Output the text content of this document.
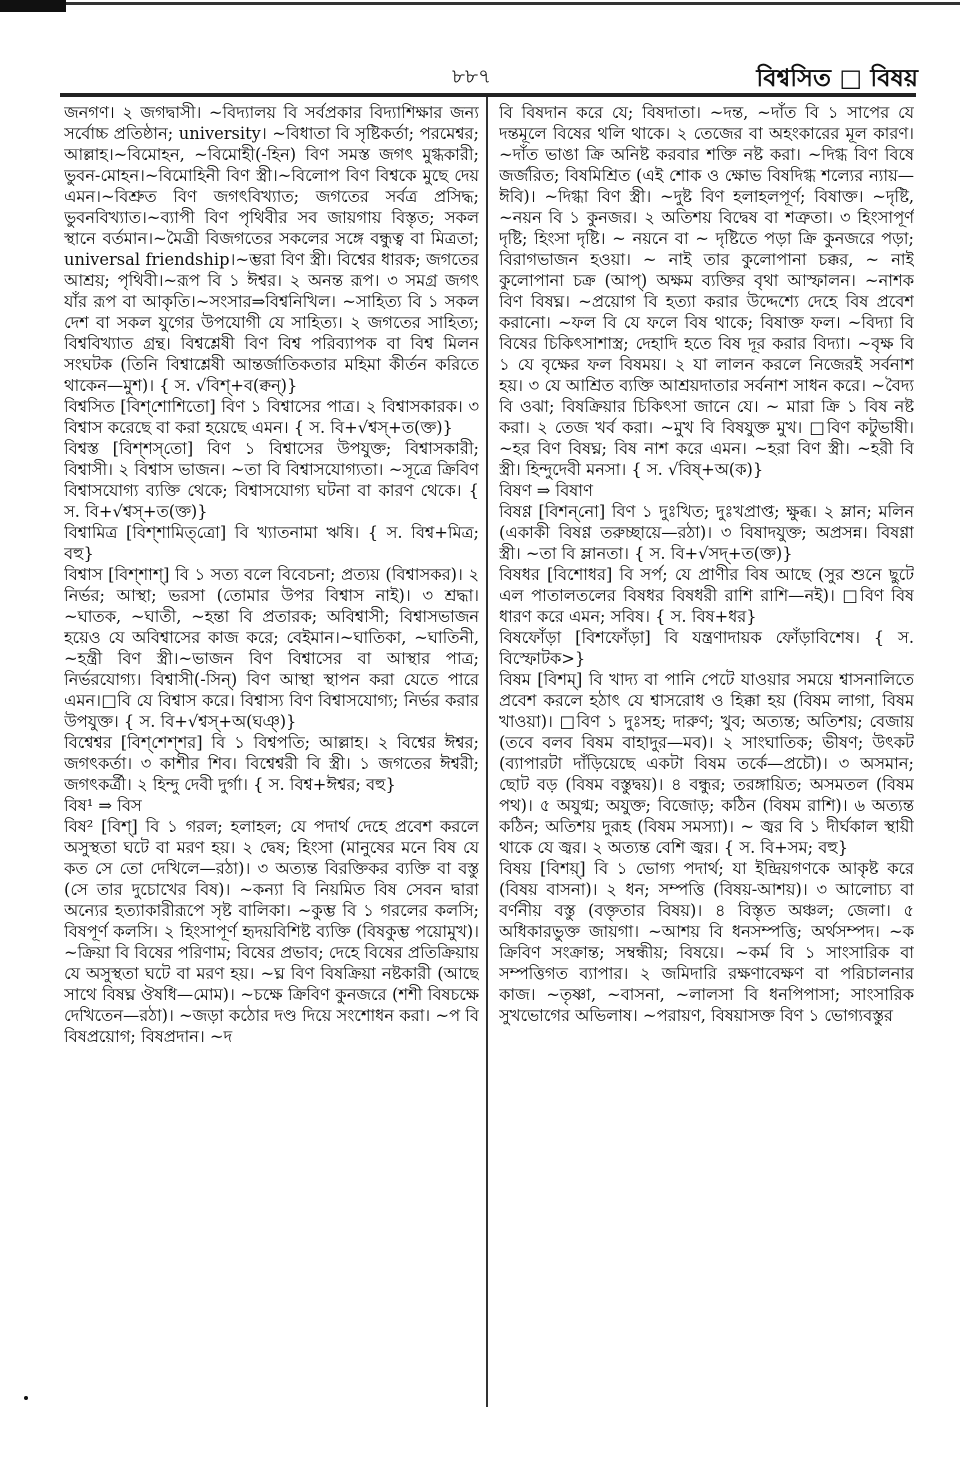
৮৮৭	বিশ্বসিত □ বিষয়

জনগণ। ২ জগদ্বাসী। ~বিদ্যালয় বি সর্বপ্রকার বিদ্যাশিক্ষার জন্য সর্বোচ্চ প্রতিষ্ঠান; university। ~বিধাতা বি সৃষ্টিকর্তা; পরমেশ্বর; আল্লাহ।~বিমোহন, ~বিমোহী(-হিন) বিণ সমস্ত জগৎ মুগ্ধকারী; ভুবন-মোহন।~বিমোহিনী বিণ স্ত্রী।~বিলোপ বিণ বিশ্বকে মুছে দেয় এমন।~বিশ্রুত বিণ জগৎবিখ্যাত; জগতের সর্বত্র প্রসিদ্ধ; ভুবনবিখ্যাত।~ব্যাপী বিণ পৃথিবীর সব জায়গায় বিস্তৃত; সকল স্থানে বর্তমান।~মৈত্রী বিজগতের সকলের সঙ্গে বন্ধুত্ব বা মিত্রতা; universal friendship।~ম্ভরা বিণ স্ত্রী। বিশ্বের ধারক; জগতের আশ্রয়; পৃথিবী।~রূপ বি ১ ঈশ্বর। ২ অনন্ত রূপ। ৩ সমগ্র জগৎ যাঁর রূপ বা আকৃতি।~সংসার⇒বিশ্বনিখিল। ~সাহিত্য বি ১ সকল দেশ বা সকল যুগের উপযোগী যে সাহিত্য। ২ জগতের সাহিত্য; বিশ্ববিখ্যাত গ্রন্থ। বিশ্বশ্লেষী বিণ বিশ্ব পরিব্যাপক বা বিশ্ব মিলন সংঘটক (তিনি বিশ্বাশ্লেষী আন্তর্জাতিকতার মহিমা কীর্তন করিতে থাকেন—মুশ)। { স. √বিশ্‌+ব(ক্বন্‌)}

বিশ্বসিত [বিশ্‌শোশিতো] বিণ ১ বিশ্বাসের পাত্র। ২ বিশ্বাসকারক। ৩ বিশ্বাস করেছে বা করা হয়েছে এমন। { স. বি+√শ্বস্‌+ত(ক্ত)}

বিশ্বস্ত [বিশ্‌শস্‌তো] বিণ ১ বিশ্বাসের উপযুক্ত; বিশ্বাসকারী; বিশ্বাসী। ২ বিশ্বাস ভাজন। ~তা বি বিশ্বাসযোগ্যতা। ~সূত্রে ক্রিবিণ বিশ্বাসযোগ্য ব্যক্তি থেকে; বিশ্বাসযোগ্য ঘটনা বা কারণ থেকে। { স. বি+√শ্বস্‌+ত(ক্ত)}

বিশ্বামিত্র [বিশ্‌শামিত্‌ত্রো] বি খ্যাতনামা ঋষি। { স. বিশ্ব+মিত্র; বহু}

বিশ্বাস [বিশ্‌শাশ্‌] বি ১ সত্য বলে বিবেচনা; প্রত্যয় (বিশ্বাসকর)। ২ নির্ভর; আস্থা; ভরসা (তোমার উপর বিশ্বাস নাই)। ৩ শ্রদ্ধা। ~ঘাতক, ~ঘাতী, ~হন্তা বি প্রতারক; অবিশ্বাসী; বিশ্বাসভাজন হয়েও যে অবিশ্বাসের কাজ করে; বেইমান।~ঘাতিকা, ~ঘাতিনী, ~হন্ত্রী বিণ স্ত্রী।~ভাজন বিণ বিশ্বাসের বা আস্থার পাত্র; নির্ভরযোগ্য। বিশ্বাসী(-সিন্‌) বিণ আস্থা স্থাপন করা যেতে পারে এমন।□বি যে বিশ্বাস করে। বিশ্বাস্য বিণ বিশ্বাসযোগ্য; নির্ভর করার উপযুক্ত। { স. বি+√শ্বস্‌+অ(ঘঞ্‌)}

বিশ্বেশ্বর [বিশ্‌শেশ্‌শর] বি ১ বিশ্বপতি; আল্লাহ। ২ বিশ্বের ঈশ্বর; জগৎকর্তা। ৩ কাশীর শিব। বিশ্বেশ্বরী বি স্ত্রী। ১ জগতের ঈশ্বরী; জগৎকর্ত্রী। ২ হিন্দু দেবী দুর্গা। { স. বিশ্ব+ঈশ্বর; বহু}

বিষ¹ ⇒ বিস

বিষ² [বিশ্‌] বি ১ গরল; হলাহল; যে পদার্থ দেহে প্রবেশ করলে অসুস্থতা ঘটে বা মরণ হয়। ২ দ্বেষ; হিংসা (মানুষের মনে বিষ যে কত সে তো দেখিলে—রঠা)। ৩ অত্যন্ত বিরক্তিকর ব্যক্তি বা বস্তু (সে তার দুচোখের বিষ)। ~কন্যা বি নিয়মিত বিষ সেবন দ্বারা অন্যের হত্যাকারীরূপে সৃষ্ট বালিকা। ~কুম্ভ বি ১ গরলের কলসি; বিষপূর্ণ কলসি। ২ হিংসাপূর্ণ হৃদয়বিশিষ্ট ব্যক্তি (বিষকুম্ভ পয়োমুখ)। ~ক্রিয়া বি বিষের পরিণাম; বিষের প্রভাব; দেহে বিষের প্রতিক্রিয়ায় যে অসুস্থতা ঘটে বা মরণ হয়। ~ঘ্ন বিণ বিষক্রিয়া নষ্টকারী (আছে সাথে বিষঘ্ন ঔষধি—মোম)। ~চক্ষে ক্রিবিণ কুনজরে (শশী বিষচক্ষে দেখিতেন—রঠা)। ~জড়া কঠোর দণ্ড দিয়ে সংশোধন করা। ~প বি বিষপ্রয়োগ; বিষপ্রদান। ~দ

বি বিষদান করে যে; বিষদাতা। ~দন্ত, ~দাঁত বি ১ সাপের যে দন্তমূলে বিষের থলি থাকে। ২ তেজের বা অহংকারের মূল কারণ। ~দাঁত ভাঙা ক্রি অনিষ্ট করবার শক্তি নষ্ট করা। ~দিগ্ধ বিণ বিষে জর্জরিত; বিষমিশ্রিত (এই শোক ও ক্ষোভ বিষদিগ্ধ শল্যের ন্যায়—ঈবি)। ~দিগ্ধা বিণ স্ত্রী। ~দুষ্ট বিণ হলাহলপূর্ণ; বিষাক্ত। ~দৃষ্টি, ~নয়ন বি ১ কুনজর। ২ অতিশয় বিদ্বেষ বা শত্রুতা। ৩ হিংসাপূর্ণ দৃষ্টি; হিংসা দৃষ্টি। ~ নয়নে বা ~ দৃষ্টিতে পড়া ক্রি কুনজরে পড়া; বিরাগভাজন হওয়া। ~ নাই তার কুলোপানা চক্কর, ~ নাই কুলোপানা চক্র (আপ্‌) অক্ষম ব্যক্তির বৃথা আস্ফালন। ~নাশক বিণ বিষঘ্ন। ~প্রয়োগ বি হত্যা করার উদ্দেশ্যে দেহে বিষ প্রবেশ করানো। ~ফল বি যে ফলে বিষ থাকে; বিষাক্ত ফল। ~বিদ্যা বি বিষের চিকিৎসাশাস্ত্র; দেহাদি হতে বিষ দূর করার বিদ্যা। ~বৃক্ষ বি ১ যে বৃক্ষের ফল বিষময়। ২ যা লালন করলে নিজেরই সর্বনাশ হয়। ৩ যে আশ্রিত ব্যক্তি আশ্রয়দাতার সর্বনাশ সাধন করে। ~বৈদ্য বি ওঝা; বিষক্রিয়ার চিকিৎসা জানে যে। ~ মারা ক্রি ১ বিষ নষ্ট করা। ২ তেজ খর্ব করা। ~মুখ বি বিষযুক্ত মুখ। □বিণ কটুভাষী। ~হর বিণ বিষঘ্ন; বিষ নাশ করে এমন। ~হরা বিণ স্ত্রী। ~হরী বি স্ত্রী। হিন্দুদেবী মনসা। { স. √বিষ্‌+অ(ক)}

বিষণ ⇒ বিষাণ

বিষণ্ণ [বিশন্‌নো] বিণ ১ দুঃখিত; দুঃখপ্রাপ্ত; ক্ষুব্ধ। ২ ম্লান; মলিন (একাকী বিষণ্ণ তরুচ্ছায়ে—রঠা)। ৩ বিষাদযুক্ত; অপ্রসন্ন। বিষণ্ণা স্ত্রী। ~তা বি ম্লানতা। { স. বি+√সদ্‌+ত(ক্ত)}

বিষধর [বিশোধর] বি সর্প; যে প্রাণীর বিষ আছে (সুর শুনে ছুটে এল পাতালতলের বিষধর বিষধরী রাশি রাশি—নই)। □বিণ বিষ ধারণ করে এমন; সবিষ। { স. বিষ+ধর}

বিষফোঁড়া [বিশফোঁড়া] বি যন্ত্রণাদায়ক ফোঁড়াবিশেষ। { স. বিস্ফোটক>}

বিষম [বিশম্‌] বি খাদ্য বা পানি পেটে যাওয়ার সময়ে শ্বাসনালিতে প্রবেশ করলে হঠাৎ যে শ্বাসরোধ ও হিক্কা হয় (বিষম লাগা, বিষম খাওয়া)। □বিণ ১ দুঃসহ; দারুণ; খুব; অত্যন্ত; অতিশয়; বেজায় (তবে বলব বিষম বাহাদুর—মব)। ২ সাংঘাতিক; ভীষণ; উৎকট (ব্যাপারটা দাঁড়িয়েছে একটা বিষম তর্কে—প্রচৌ)। ৩ অসমান; ছোট বড় (বিষম বস্তুদ্বয়)। ৪ বন্ধুর; তরঙ্গায়িত; অসমতল (বিষম পথ)। ৫ অযুগ্ম; অযুক্ত; বিজোড়; কঠিন (বিষম রাশি)। ৬ অত্যন্ত কঠিন; অতিশয় দুরূহ (বিষম সমস্যা)। ~ জ্বর বি ১ দীর্ঘকাল স্থায়ী থাকে যে জ্বর। ২ অত্যন্ত বেশি জ্বর। { স. বি+সম; বহু}

বিষয় [বিশয়্‌] বি ১ ভোগ্য পদার্থ; যা ইন্দ্রিয়গণকে আকৃষ্ট করে (বিষয় বাসনা)। ২ ধন; সম্পত্তি (বিষয়-আশয়)। ৩ আলোচ্য বা বর্ণনীয় বস্তু (বক্তৃতার বিষয়)। ৪ বিস্তৃত অঞ্চল; জেলা। ৫ অধিকারভুক্ত জায়গা। ~আশয় বি ধনসম্পত্তি; অর্থসম্পদ। ~ক ক্রিবিণ সংক্রান্ত; সম্বন্ধীয়; বিষয়ে। ~কর্ম বি ১ সাংসারিক বা সম্পত্তিগত ব্যাপার। ২ জমিদারি রক্ষণাবেক্ষণ বা পরিচালনার কাজ। ~তৃষ্ণা, ~বাসনা, ~লালসা বি ধনপিপাসা; সাংসারিক সুখভোগের অভিলাষ। ~পরায়ণ, বিষয়াসক্ত বিণ ১ ভোগ্যবস্তুর
